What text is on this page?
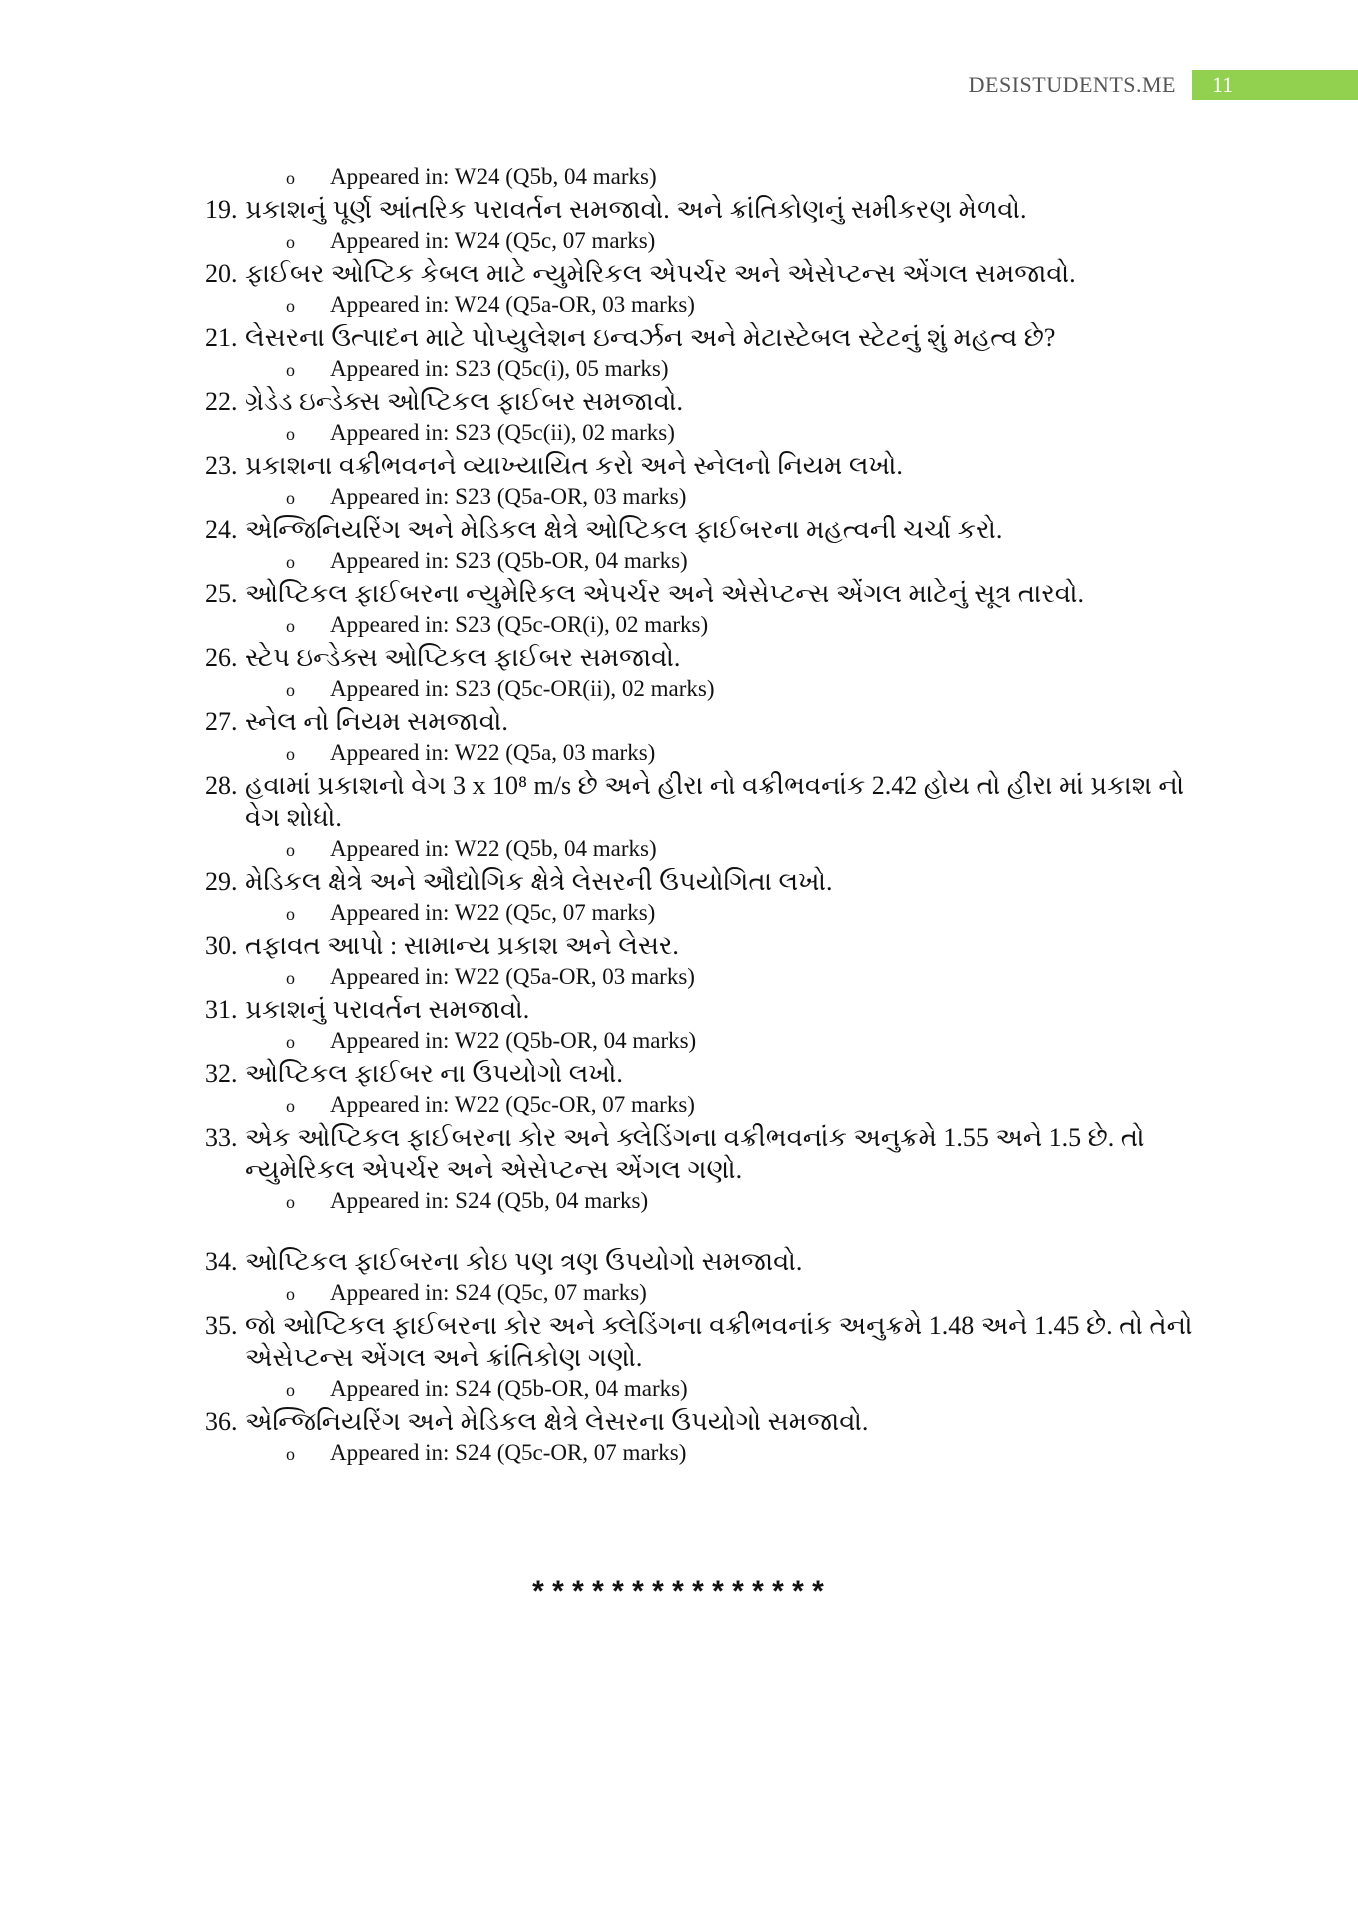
DESISTUDENTS.ME	11
o	Appeared in: W24 (Q5b, 04 marks)
19. પ્રકાશનું પૂર્ણ આંતરિક પરાવર્તન સમજાવો. અને ક્રાંતિકોણનું સમીકરણ મેળવો.
o	Appeared in: W24 (Q5c, 07 marks)
20. ફાઈબર ઓપ્ટિક કેબલ માટે ન્યુમેરિકલ એપર્ચર અને એસેપ્ટન્સ એંગલ સમજાવો.
o	Appeared in: W24 (Q5a-OR, 03 marks)
21. લેસરના ઉત્પાદન માટે પોપ્યુલેશન ઇન્વર્ઝન અને મેટાસ્ટેબલ સ્ટેટનું શું મહત્વ છે?
o	Appeared in: S23 (Q5c(i), 05 marks)
22. ગ્રેડેડ ઇન્ડેક્સ ઓપ્ટિકલ ફાઈબર સમજાવો.
o	Appeared in: S23 (Q5c(ii), 02 marks)
23. પ્રકાશના વક્રીભવનને વ્યાખ્યાયિત કરો અને સ્નેલનો નિયમ લખો.
o	Appeared in: S23 (Q5a-OR, 03 marks)
24. એન્જિનિયરિંગ અને મેડિકલ ક્ષેત્રે ઓપ્ટિકલ ફાઈબરના મહત્વની ચર્ચા કરો.
o	Appeared in: S23 (Q5b-OR, 04 marks)
25. ઓપ્ટિકલ ફાઈબરના ન્યુમેરિકલ એપર્ચર અને એસેપ્ટન્સ એંગલ માટેનું સૂત્ર તારવો.
o	Appeared in: S23 (Q5c-OR(i), 02 marks)
26. સ્ટેપ ઇન્ડેક્સ ઓપ્ટિકલ ફાઈબર સમજાવો.
o	Appeared in: S23 (Q5c-OR(ii), 02 marks)
27. સ્નેલ નો નિયમ સમજાવો.
o	Appeared in: W22 (Q5a, 03 marks)
28. હવામાં પ્રકાશનો વેગ 3 x 10⁸ m/s છે અને હીરા નો વક્રીભવનાંક 2.42 હોય તો હીરા માં પ્રકાશ નો વેગ શોધો.
o	Appeared in: W22 (Q5b, 04 marks)
29. મેડિકલ ક્ષેત્રે અને ઔદ્યોગિક ક્ષેત્રે લેસરની ઉપયોગિતા લખો.
o	Appeared in: W22 (Q5c, 07 marks)
30. તફાવત આપો : સામાન્ય પ્રકાશ અને લેસર.
o	Appeared in: W22 (Q5a-OR, 03 marks)
31. પ્રકાશનું પરાવર્તન સમજાવો.
o	Appeared in: W22 (Q5b-OR, 04 marks)
32. ઓપ્ટિકલ ફાઈબર ના ઉપયોગો લખો.
o	Appeared in: W22 (Q5c-OR, 07 marks)
33. એક ઓપ્ટિકલ ફાઈબરના કોર અને ક્લેડિંગના વક્રીભવનાંક અનુક્રમે 1.55 અને 1.5 છે. તો ન્યુમેરિકલ એપર્ચર અને એસેપ્ટન્સ એંગલ ગણો.
o	Appeared in: S24 (Q5b, 04 marks)
34. ઓપ્ટિકલ ફાઈબરના કોઇ પણ ત્રણ ઉપયોગો સમજાવો.
o	Appeared in: S24 (Q5c, 07 marks)
35. જો ઓપ્ટિકલ ફાઈબરના કોર અને ક્લેડિંગના વક્રીભવનાંક અનુક્રમે 1.48 અને 1.45 છે. તો તેનો એસેપ્ટન્સ એંગલ અને ક્રાંતિકોણ ગણો.
o	Appeared in: S24 (Q5b-OR, 04 marks)
36. એન્જિનિયરિંગ અને મેડિકલ ક્ષેત્રે લેસરના ઉપયોગો સમજાવો.
o	Appeared in: S24 (Q5c-OR, 07 marks)
***************
